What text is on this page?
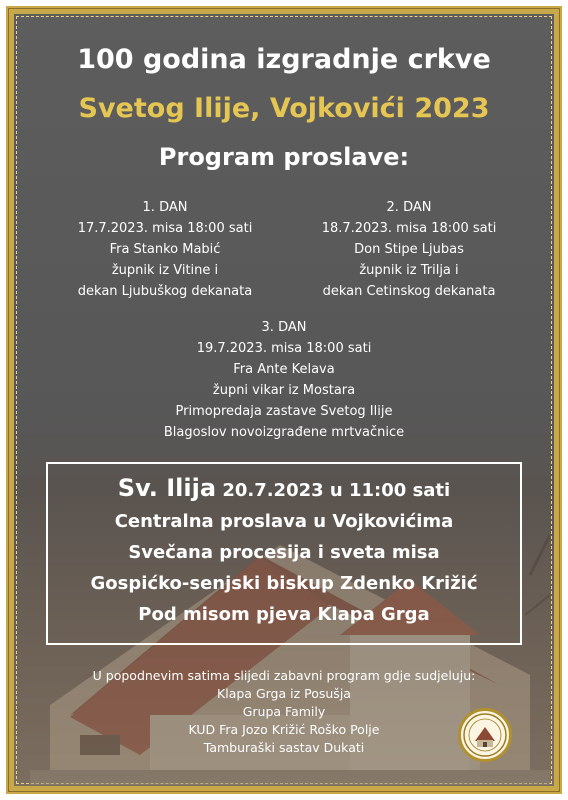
100 godina izgradnje crkve
Svetog Ilije, Vojkovići 2023
Program proslave:
1. DAN
17.7.2023. misa 18:00 sati
Fra Stanko Mabić
župnik iz Vitine i
dekan Ljubuškog dekanata
2. DAN
18.7.2023. misa 18:00 sati
Don Stipe Ljubas
župnik iz Trilja i
dekan Cetinskog dekanata
3. DAN
19.7.2023. misa 18:00 sati
Fra Ante Kelava
župni vikar iz Mostara
Primopredaja zastave Svetog Ilije
Blagoslov novoizgrađene mrtvačnice
Sv. Ilija 20.7.2023 u 11:00 sati
Centralna proslava u Vojkovićima
Svečana procesija i sveta misa
Gospićko-senjski biskup Zdenko Križić
Pod misom pjeva Klapa Grga
U popodnevim satima slijedi zabavni program gdje sudjeluju:
Klapa Grga iz Posušja
Grupa Family
KUD Fra Jozo Križić Roško Polje
Tamburaški sastav Dukati
